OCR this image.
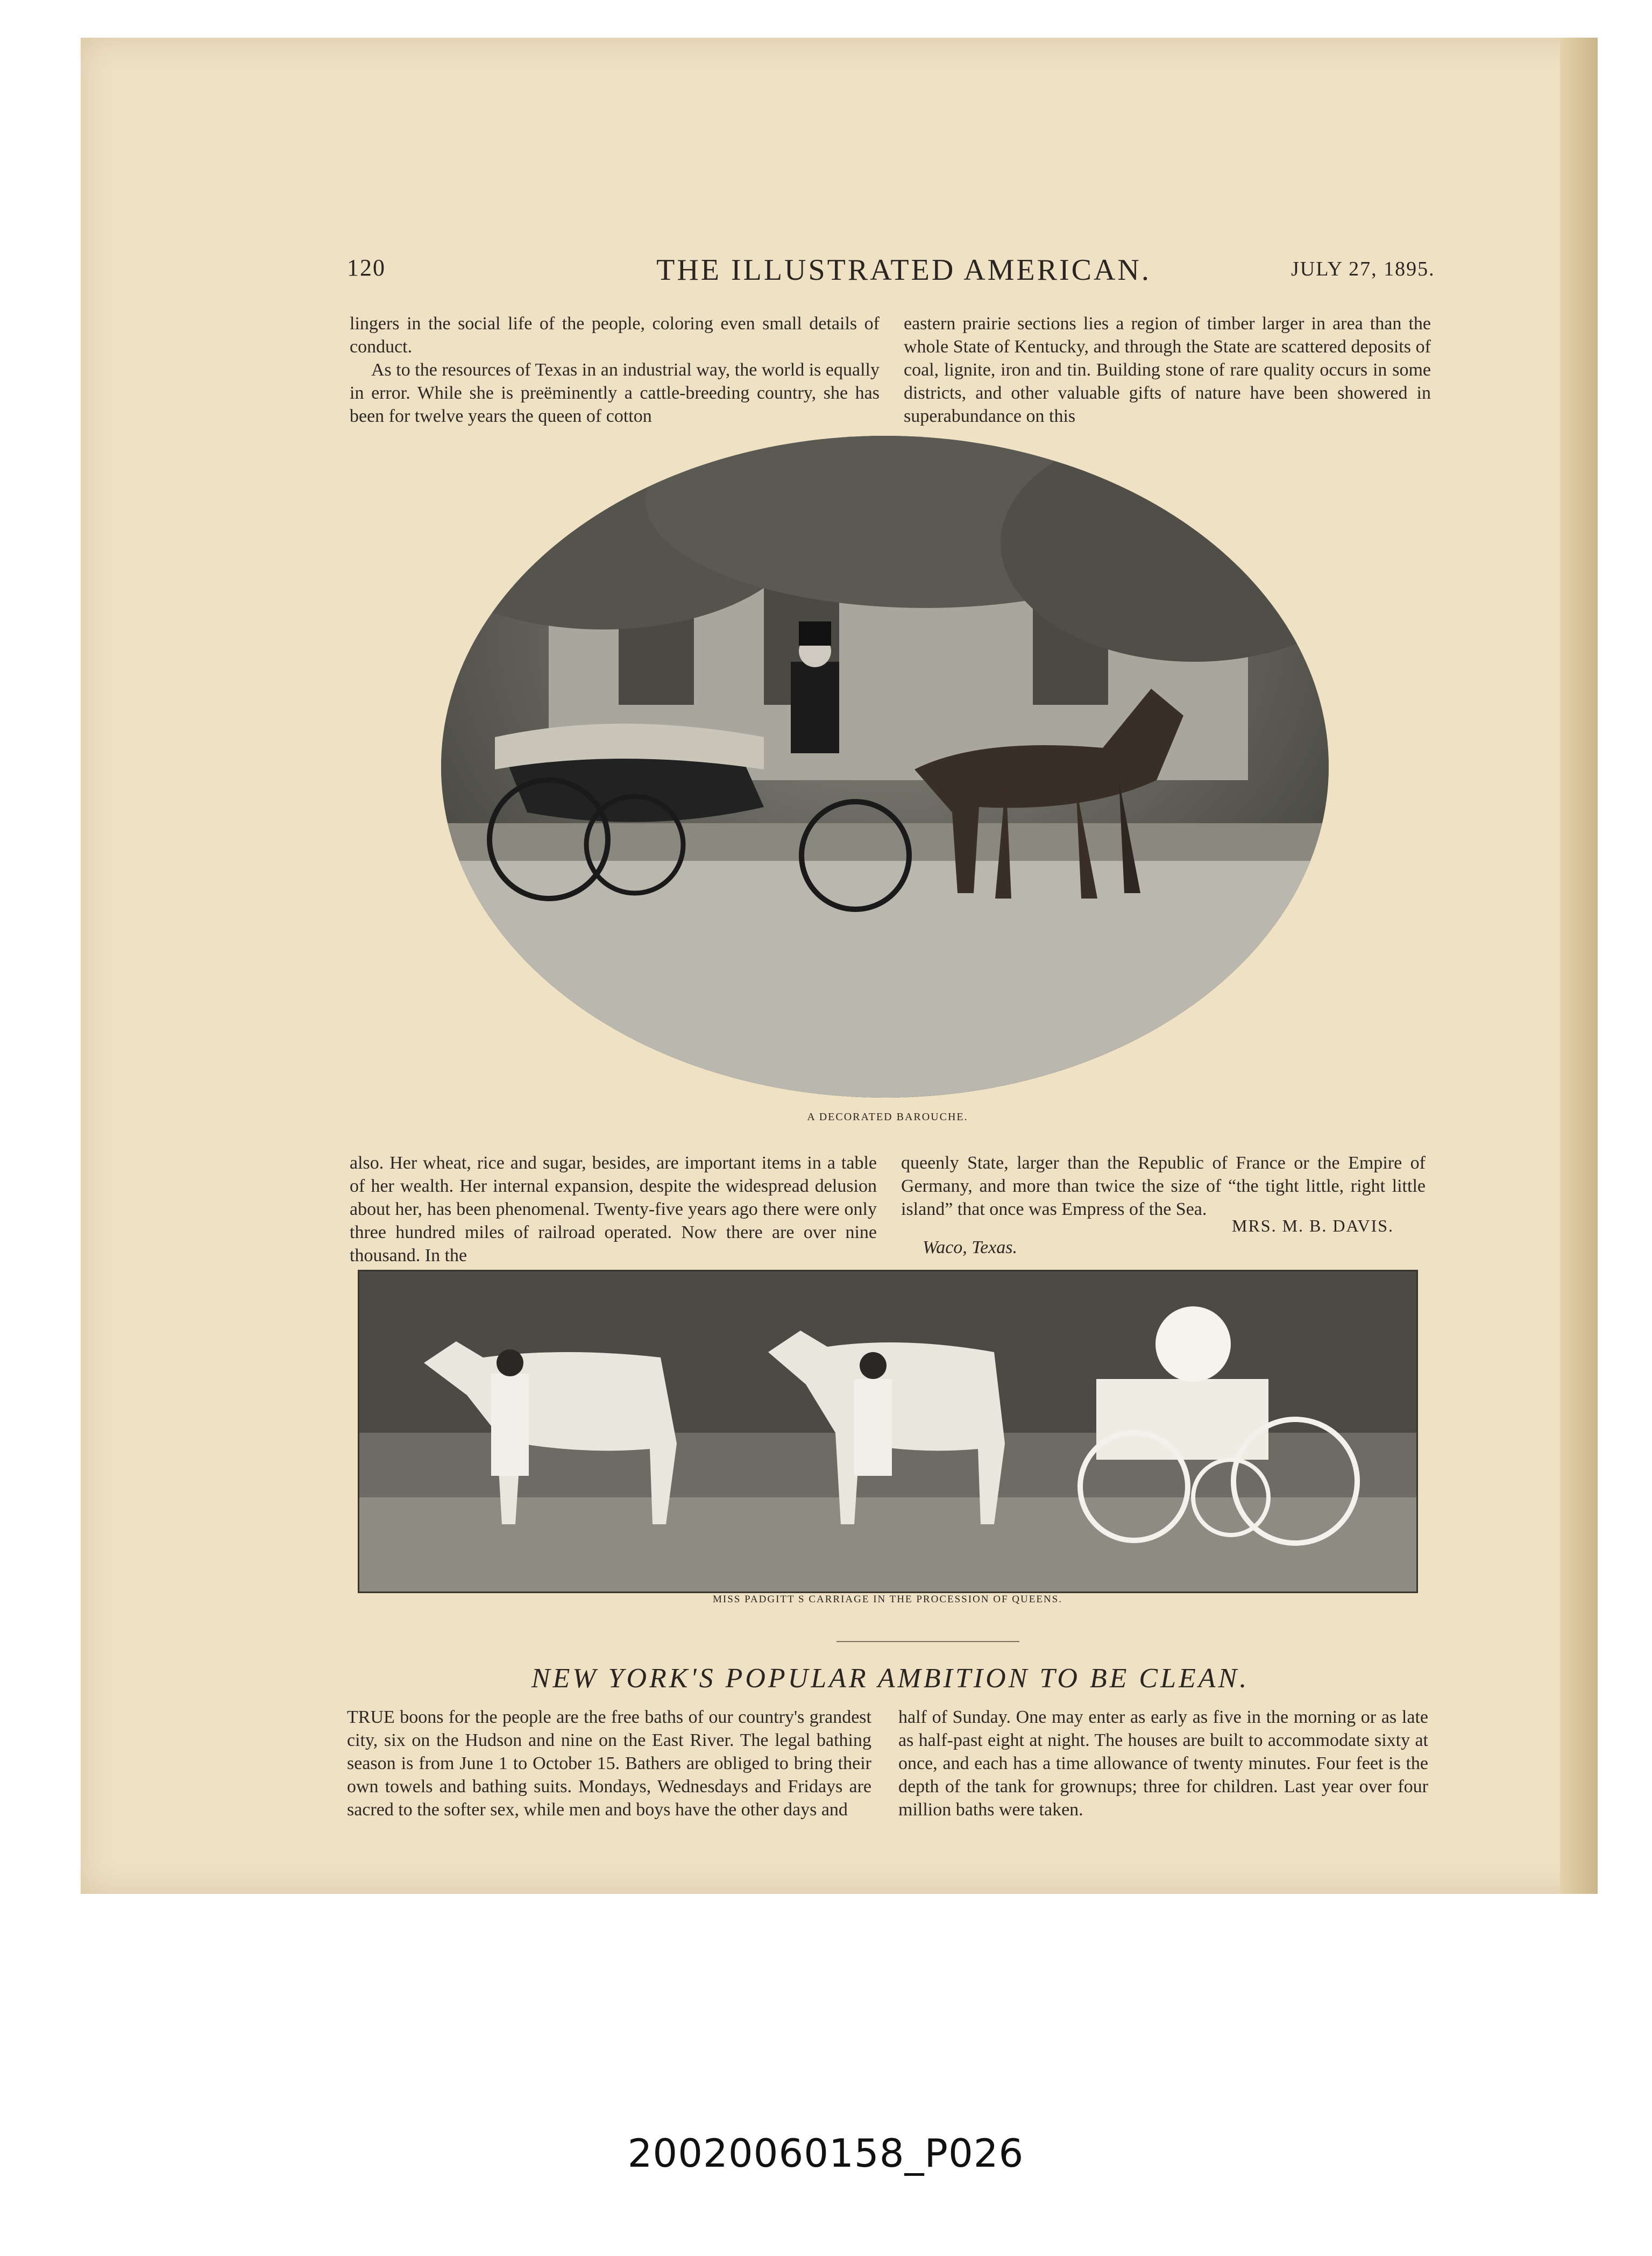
120	THE ILLUSTRATED AMERICAN.	JULY 27, 1895.

lingers in the social life of the people, coloring even small details of conduct.

As to the resources of Texas in an industrial way, the world is equally in error. While she is preëminently a cattle-breeding country, she has been for twelve years the queen of cotton

eastern prairie sections lies a region of timber larger in area than the whole State of Kentucky, and through the State are scattered deposits of coal, lignite, iron and tin. Building stone of rare quality occurs in some districts, and other valuable gifts of nature have been showered in superabundance on this

A DECORATED BAROUCHE.

also. Her wheat, rice and sugar, besides, are important items in a table of her wealth. Her internal expansion, despite the widespread delusion about her, has been phenomenal. Twenty-five years ago there were only three hundred miles of railroad operated. Now there are over nine thousand. In the

queenly State, larger than the Republic of France or the Empire of Germany, and more than twice the size of “the tight little, right little island” that once was Empress of the Sea.

MRS. M. B. DAVIS.
Waco, Texas.
MISS PADGITT S CARRIAGE IN THE PROCESSION OF QUEENS.
NEW YORK'S POPULAR AMBITION TO BE CLEAN.

TRUE boons for the people are the free baths of our country's grandest city, six on the Hudson and nine on the East River. The legal bathing season is from June 1 to October 15. Bathers are obliged to bring their own towels and bathing suits. Mondays, Wednesdays and Fridays are sacred to the softer sex, while men and boys have the other days and

half of Sunday. One may enter as early as five in the morning or as late as half-past eight at night. The houses are built to accommodate sixty at once, and each has a time allowance of twenty minutes. Four feet is the depth of the tank for grownups; three for children. Last year over four million baths were taken.

20020060158_P026
